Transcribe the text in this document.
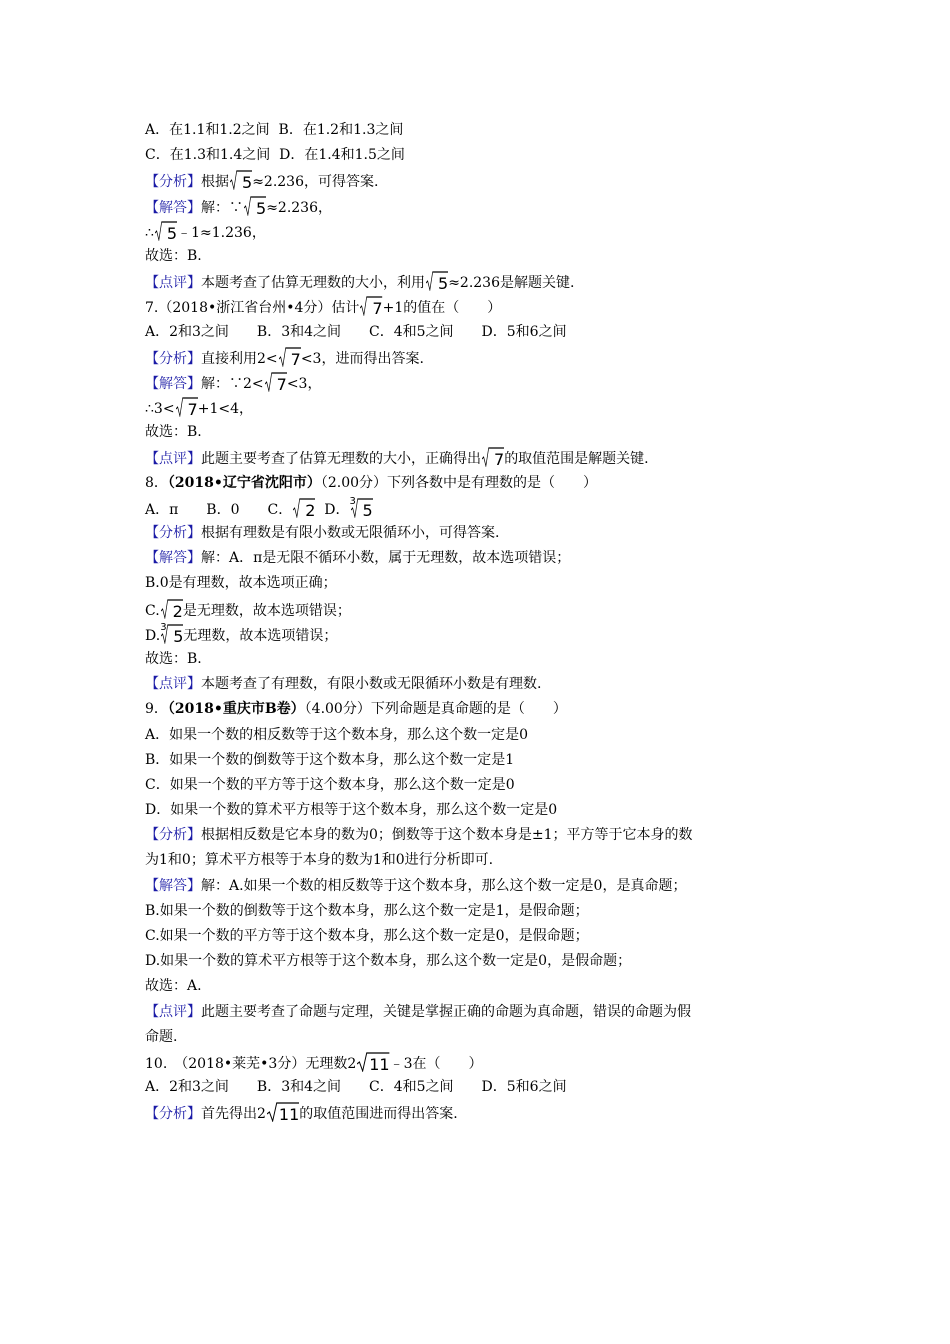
A．在1.1和1.2之间  B．在1.2和1.3之间
C．在1.3和1.4之间  D．在1.4和1.5之间
【分析】根据 5≈2.236，可得答案.
【解答】解：∵ 5≈2.236，
∴ 5﹣1≈1.236，
故选：B.
【点评】本题考查了估算无理数的大小，利用 5≈2.236是解题关键.
7.（2018•浙江省台州•4分）估计 7+1的值在（　　）
A．2和3之间　　B．3和4之间　　C．4和5之间　　D．5和6之间
【分析】直接利用2< 7<3，进而得出答案.
【解答】解：∵2< 7<3，
∴3< 7+1<4，
故选：B.
【点评】此题主要考查了估算无理数的大小，正确得出 7的取值范围是解题关键.
8．（2018•辽宁省沈阳市）（2.00分）下列各数中是有理数的是（　　）
A．π　　B．0　　C． 2  D．
3 5
【分析】根据有理数是有限小数或无限循环小，可得答案.
【解答】解：A．π是无限不循环小数，属于无理数，故本选项错误；
B.0是有理数，故本选项正确；
C. 2是无理数，故本选项错误；
D.
3 5无理数，故本选项错误；
故选：B.
【点评】本题考查了有理数，有限小数或无限循环小数是有理数.
9．（2018•重庆市B卷）（4.00分）下列命题是真命题的是（　　）
A．如果一个数的相反数等于这个数本身，那么这个数一定是0
B．如果一个数的倒数等于这个数本身，那么这个数一定是1
C．如果一个数的平方等于这个数本身，那么这个数一定是0
D．如果一个数的算术平方根等于这个数本身，那么这个数一定是0
【分析】根据相反数是它本身的数为0；倒数等于这个数本身是±1；平方等于它本身的数
为1和0；算术平方根等于本身的数为1和0进行分析即可.
【解答】解：A.如果一个数的相反数等于这个数本身，那么这个数一定是0，是真命题；
B.如果一个数的倒数等于这个数本身，那么这个数一定是1，是假命题；
C.如果一个数的平方等于这个数本身，那么这个数一定是0，是假命题；
D.如果一个数的算术平方根等于这个数本身，那么这个数一定是0，是假命题；
故选：A.
【点评】此题主要考查了命题与定理，关键是掌握正确的命题为真命题，错误的命题为假
命题.
10.　（2018•莱芜•3分）无理数2 11﹣3在（　　）
A．2和3之间　　B．3和4之间　　C．4和5之间　　D．5和6之间
【分析】首先得出2 11的取值范围进而得出答案.
